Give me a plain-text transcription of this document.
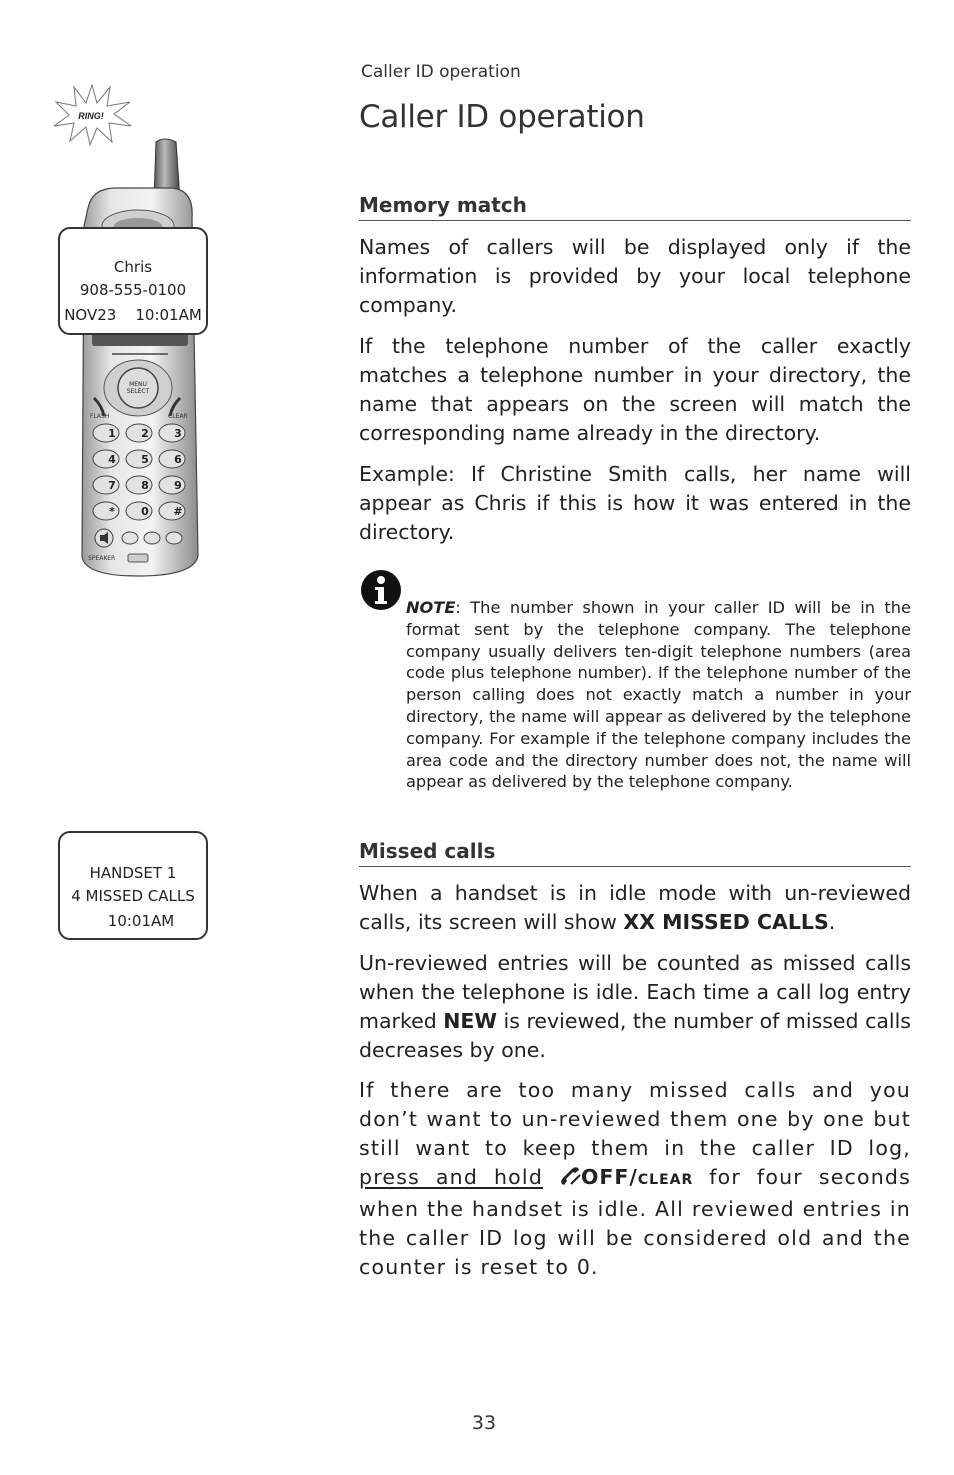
Caller ID operation
Caller ID operation
RING!
MENU
SELECT
FLASH	CLEAR
1 2 3
4 5 6
7 8 9
* 0 #
SPEAKER
Chris
908-555-0100
NOV23    10:01AM
HANDSET 1
4 MISSED CALLS
10:01AM
Memory match

Names of callers will be displayed only if the information is provided by your local telephone company.

If the telephone number of the caller exactly matches a telephone number in your directory, the name that appears on the screen will match the corresponding name already in the directory.

Example: If Christine Smith calls, her name will appear as Chris if this is how it was entered in the directory.

NOTE: The number shown in your caller ID will be in the format sent by the telephone company. The telephone company usually delivers ten-digit telephone numbers (area code plus telephone number). If the telephone number of the person calling does not exactly match a number in your directory, the name will appear as delivered by the telephone company. For example if the telephone company includes the area code and the directory number does not, the name will appear as delivered by the telephone company.

Missed calls

When a handset is in idle mode with un-reviewed calls, its screen will show XX MISSED CALLS.

Un-reviewed entries will be counted as missed calls when the telephone is idle. Each time a call log entry marked NEW is reviewed, the number of missed calls decreases by one.

If there are too many missed calls and you don’t want to un-reviewed them one by one but still want to keep them in the caller ID log, press and hold OFF/CLEAR for four seconds when the handset is idle. All reviewed entries in the caller ID log will be considered old and the counter is reset to 0.

33
